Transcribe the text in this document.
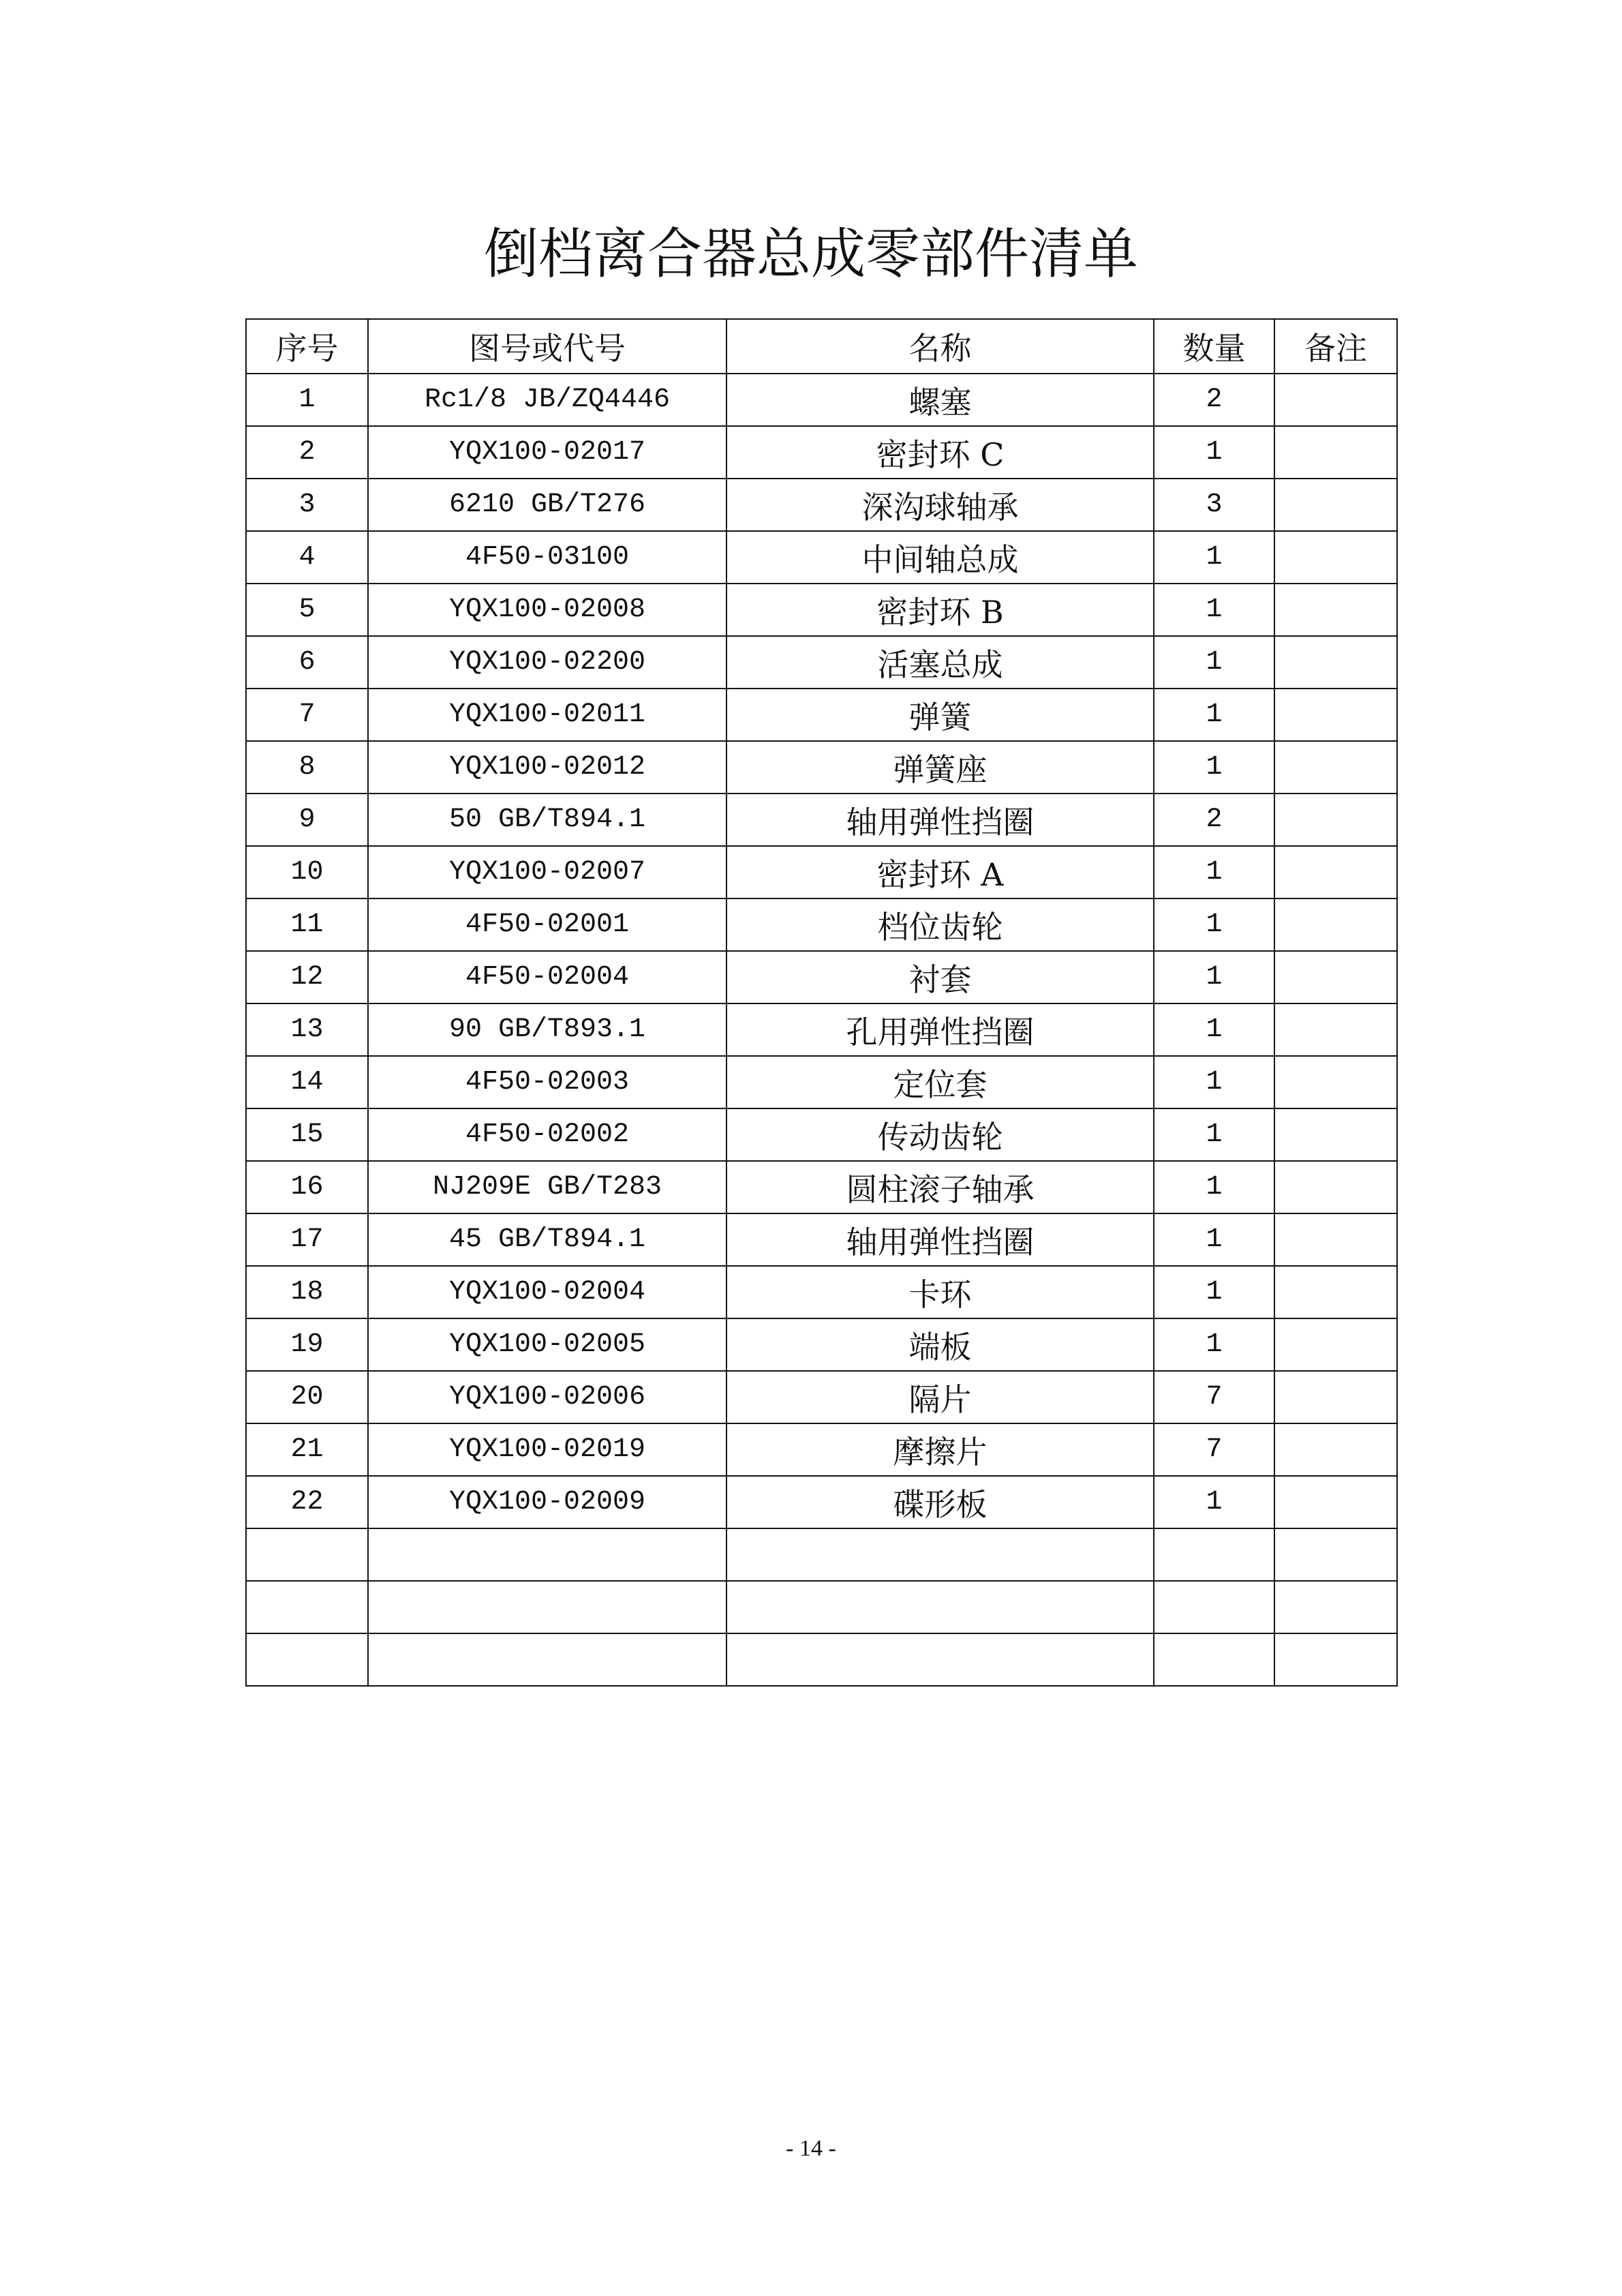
倒档离合器总成零部件清单
序号	图号或代号	名称	数量	备注
1	Rc1/8 JB/ZQ4446	螺塞	2	
2	YQX100-02017	密封环 C	1	
3	6210 GB/T276	深沟球轴承	3	
4	4F50-03100	中间轴总成	1	
5	YQX100-02008	密封环 B	1	
6	YQX100-02200	活塞总成	1	
7	YQX100-02011	弹簧	1	
8	YQX100-02012	弹簧座	1	
9	50 GB/T894.1	轴用弹性挡圈	2	
10	YQX100-02007	密封环 A	1	
11	4F50-02001	档位齿轮	1	
12	4F50-02004	衬套	1	
13	90 GB/T893.1	孔用弹性挡圈	1	
14	4F50-02003	定位套	1	
15	4F50-02002	传动齿轮	1	
16	NJ209E GB/T283	圆柱滚子轴承	1	
17	45 GB/T894.1	轴用弹性挡圈	1	
18	YQX100-02004	卡环	1	
19	YQX100-02005	端板	1	
20	YQX100-02006	隔片	7	
21	YQX100-02019	摩擦片	7	
22	YQX100-02009	碟形板	1	

- 14 -
